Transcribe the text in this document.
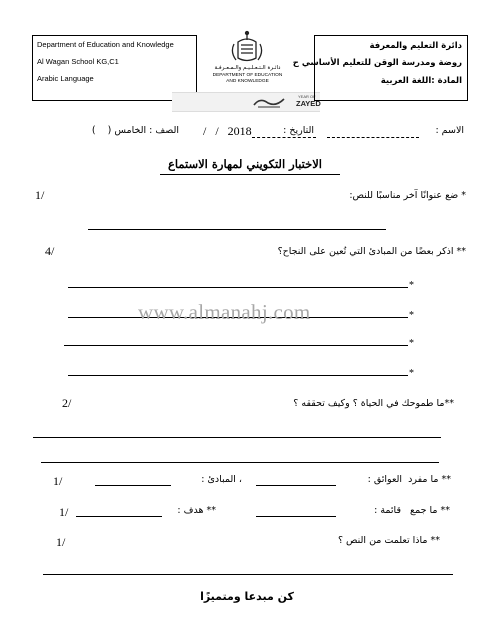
Department of Education and Knowledge
Al Wagan School KG,C1
Arabic Language
دائـرة الـتـعـلـيـم والـمـعـرفـة
DEPARTMENT OF EDUCATION
AND KNOWLEDGE
YEAR OF
ZAYED
دائرة التعليم والمعرفة
روضة ومدرسة الوقن للتعليم الأساسي ح
المادة :اللغة العربية
الاسم :
التاريخ :
/   /   2018
الصف : الخامس (    )
الاختبار التكويني لمهارة الاستماع
* ضع عنوانًا آخر مناسبًا للنص:
1/
** اذكر بعضًا من المبادئ التي تُعين على النجاح؟
4/
*
*
*
*
www.almanahj.com
**ما طموحك في الحياة ؟ وكيف تحققه ؟
2/
** ما مفرد  العوائق :
، المبادئ :
1/
** ما جمع   قائمة :
** هدف :
1/
** ماذا تعلمت من النص ؟
1/
كن مبدعا ومتميزًا
